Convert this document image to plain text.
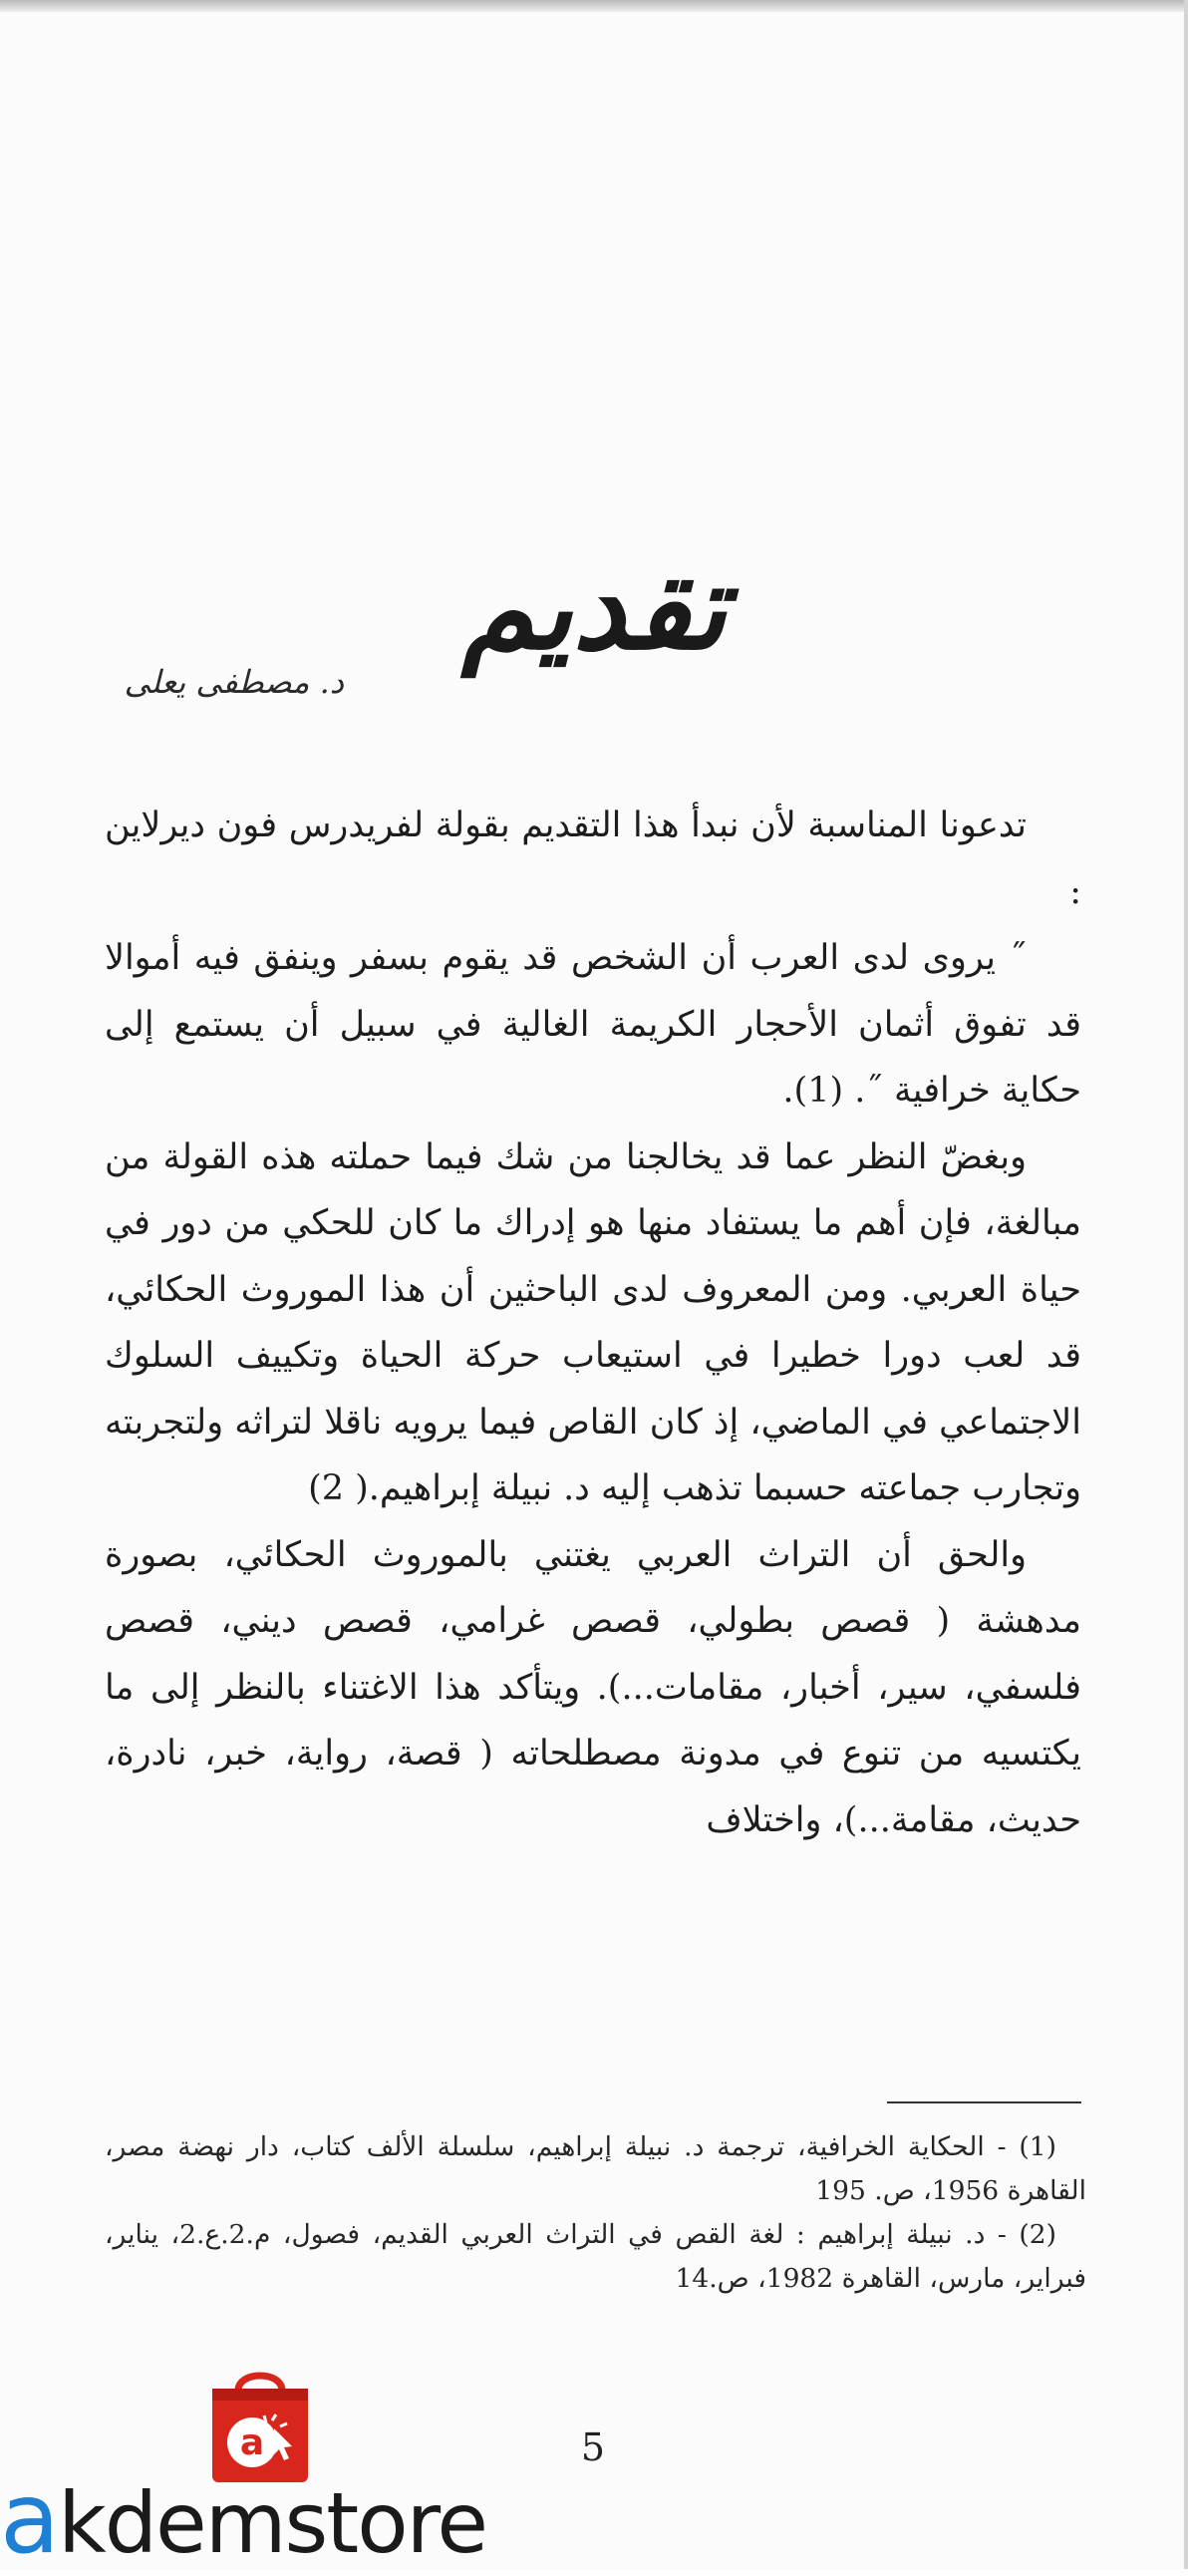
تقديم
د. مصطفى يعلى

تدعونا المناسبة لأن نبدأ هذا التقديم بقولة لفريدرس فون ديرلاين :

˝ يروى لدى العرب أن الشخص قد يقوم بسفر وينفق فيه أموالا قد تفوق أثمان الأحجار الكريمة الغالية في سبيل أن يستمع إلى حكاية خرافية ˝. (1).

وبغضّ النظر عما قد يخالجنا من شك فيما حملته هذه القولة من مبالغة، فإن أهم ما يستفاد منها هو إدراك ما كان للحكي من دور في حياة العربي. ومن المعروف لدى الباحثين أن هذا الموروث الحكائي، قد لعب دورا خطيرا في استيعاب حركة الحياة وتكييف السلوك الاجتماعي في الماضي، إذ كان القاص فيما يرويه ناقلا لتراثه ولتجربته وتجارب جماعته حسبما تذهب إليه د. نبيلة إبراهيم.( 2)

والحق أن التراث العربي يغتني بالموروث الحكائي، بصورة مدهشة ( قصص بطولي، قصص غرامي، قصص ديني، قصص فلسفي، سير، أخبار، مقامات...). ويتأكد هذا الاغتناء بالنظر إلى ما يكتسيه من تنوع في مدونة مصطلحاته ( قصة، رواية، خبر، نادرة، حديث، مقامة...)، واختلاف

(1) - الحكاية الخرافية، ترجمة د. نبيلة إبراهيم، سلسلة الألف كتاب، دار نهضة مصر، القاهرة 1956، ص. 195

(2) - د. نبيلة إبراهيم : لغة القص في التراث العربي القديم، فصول، م.2.ع.2، يناير، فبراير، مارس، القاهرة 1982، ص.14

5
a
akdemstore
